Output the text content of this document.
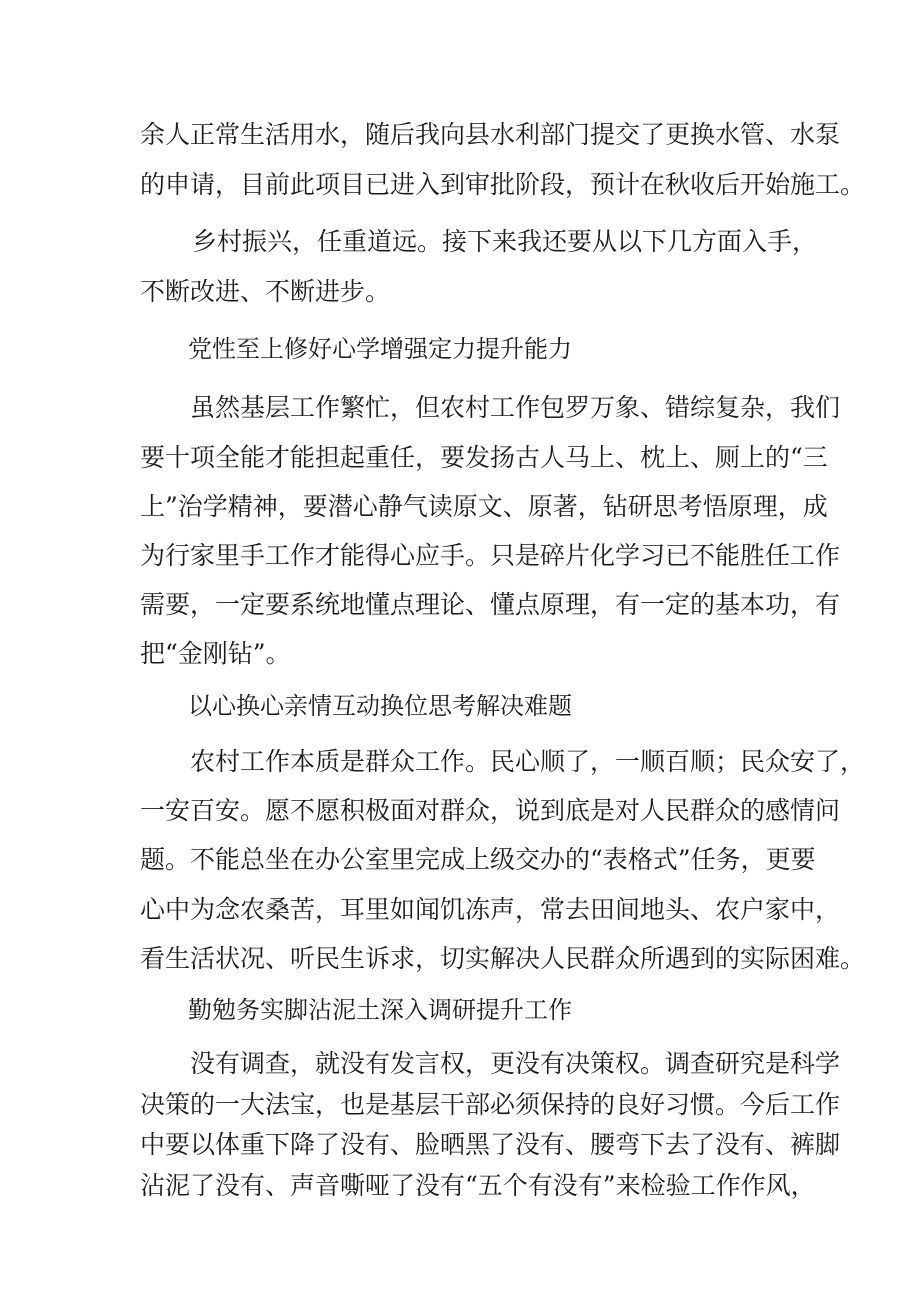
余人正常生活用水，随后我向县水利部门提交了更换水管、水泵
的申请，目前此项目已进入到审批阶段，预计在秋收后开始施工。
乡村振兴，任重道远。接下来我还要从以下几方面入手，
不断改进、不断进步。
党性至上修好心学增强定力提升能力
虽然基层工作繁忙，但农村工作包罗万象、错综复杂，我们
要十项全能才能担起重任，要发扬古人马上、枕上、厕上的“三
上”治学精神，要潜心静气读原文、原著，钻研思考悟原理，成
为行家里手工作才能得心应手。只是碎片化学习已不能胜任工作
需要，一定要系统地懂点理论、懂点原理，有一定的基本功，有
把“金刚钻”。
以心换心亲情互动换位思考解决难题
农村工作本质是群众工作。民心顺了，一顺百顺；民众安了，
一安百安。愿不愿积极面对群众，说到底是对人民群众的感情问
题。不能总坐在办公室里完成上级交办的“表格式”任务，更要
心中为念农桑苦，耳里如闻饥冻声，常去田间地头、农户家中，
看生活状况、听民生诉求，切实解决人民群众所遇到的实际困难。
勤勉务实脚沾泥土深入调研提升工作
没有调查，就没有发言权，更没有决策权。调查研究是科学
决策的一大法宝，也是基层干部必须保持的良好习惯。今后工作
中要以体重下降了没有、脸晒黑了没有、腰弯下去了没有、裤脚
沾泥了没有、声音嘶哑了没有“五个有没有”来检验工作作风，
